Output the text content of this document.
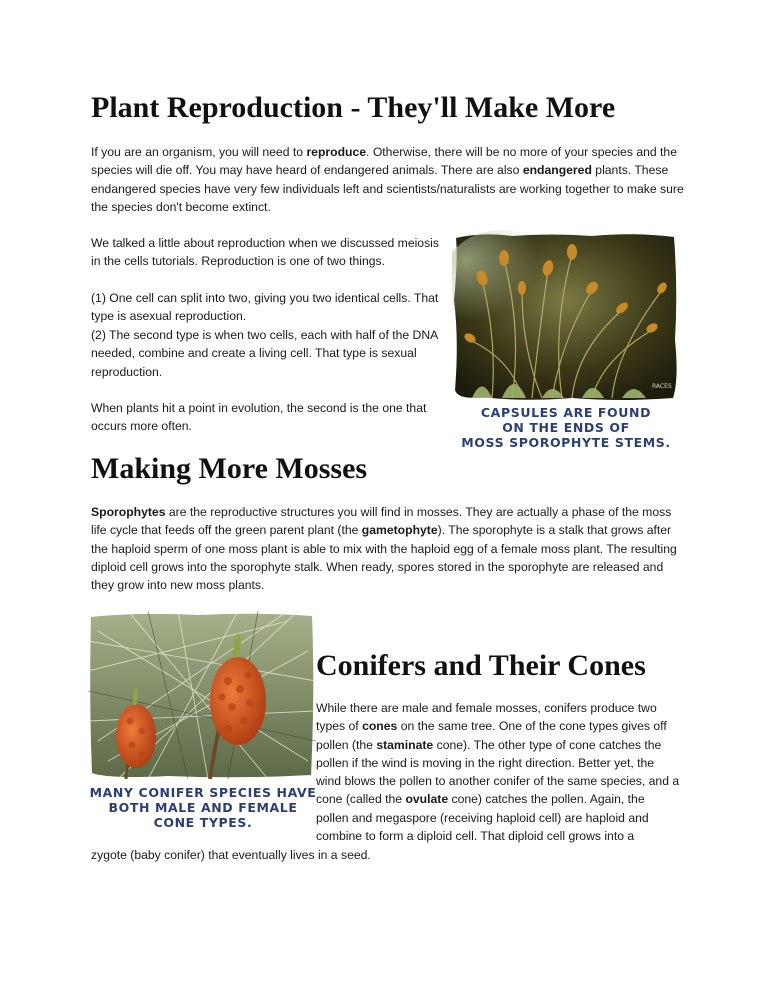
Plant Reproduction - They'll Make More

If you are an organism, you will need to reproduce. Otherwise, there will be no more of your species and the species will die off. You may have heard of endangered animals. There are also endangered plants. These endangered species have very few individuals left and scientists/naturalists are working together to make sure the species don't become extinct.

We talked a little about reproduction when we discussed meiosis in the cells tutorials. Reproduction is one of two things.

(1) One cell can split into two, giving you two identical cells. That type is asexual reproduction.

(2) The second type is when two cells, each with half of the DNA needed, combine and create a living cell. That type is sexual reproduction.

When plants hit a point in evolution, the second is the one that occurs more often.

RACES
CAPSULES ARE FOUND
ON THE ENDS OF
MOSS SPOROPHYTE STEMS.
Making More Mosses

Sporophytes are the reproductive structures you will find in mosses. They are actually a phase of the moss life cycle that feeds off the green parent plant (the gametophyte). The sporophyte is a stalk that grows after the haploid sperm of one moss plant is able to mix with the haploid egg of a female moss plant. The resulting diploid cell grows into the sporophyte stalk. When ready, spores stored in the sporophyte are released and they grow into new moss plants.

MANY CONIFER SPECIES HAVE
BOTH MALE AND FEMALE
CONE TYPES.
Conifers and Their Cones

While there are male and female mosses, conifers produce two types of cones on the same tree. One of the cone types gives off pollen (the staminate cone). The other type of cone catches the pollen if the wind is moving in the right direction. Better yet, the wind blows the pollen to another conifer of the same species, and a cone (called the ovulate cone) catches the pollen. Again, the pollen and megaspore (receiving haploid cell) are haploid and combine to form a diploid cell. That diploid cell grows into a

zygote (baby conifer) that eventually lives in a seed.
